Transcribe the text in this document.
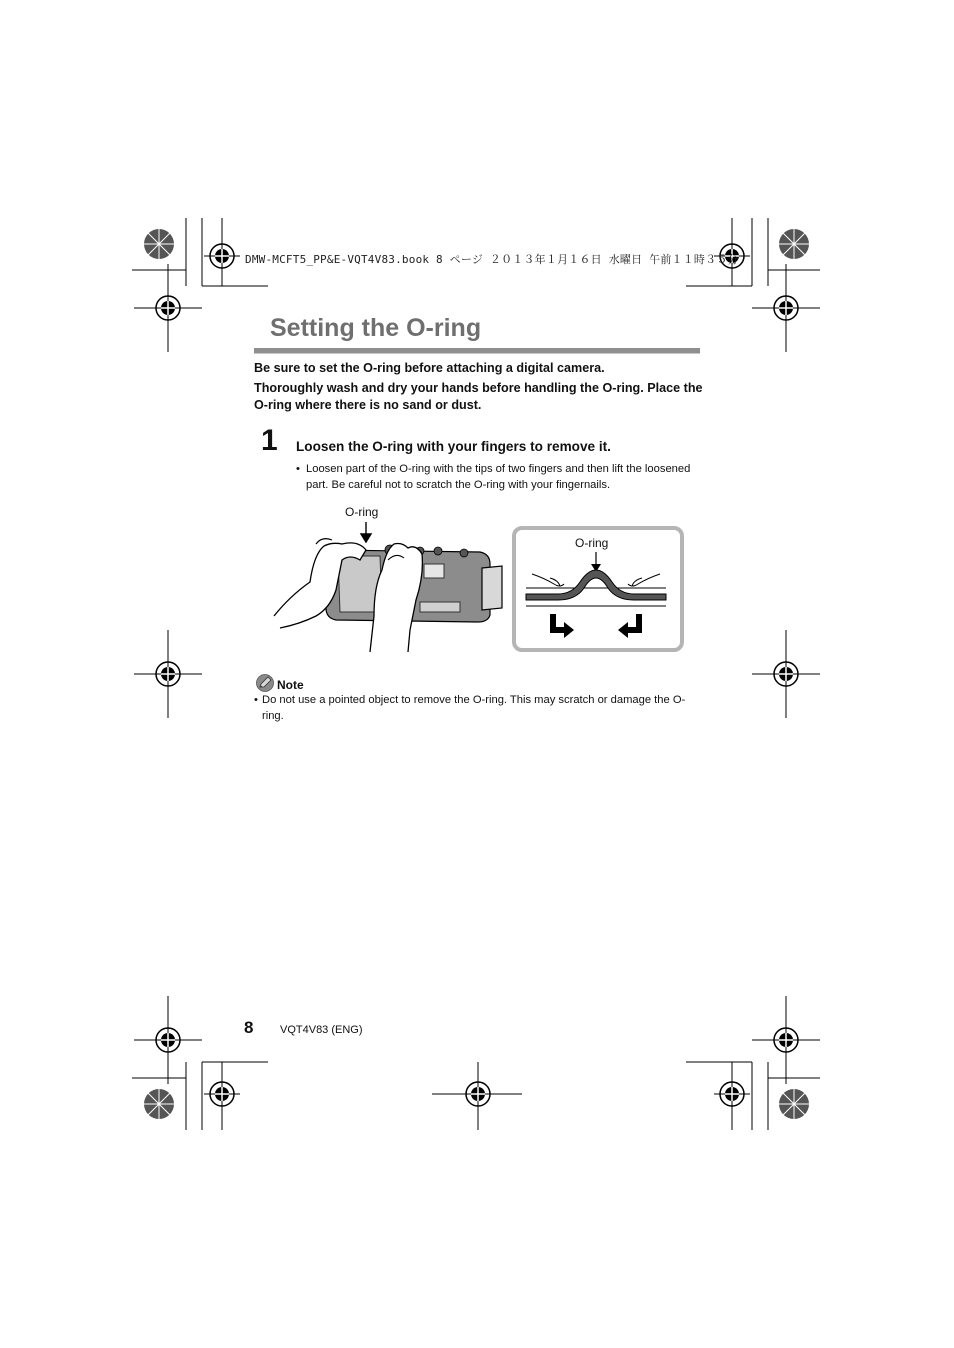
DMW-MCFT5_PP&E-VQT4V83.book 8 ページ ２０１３年１月１６日 水曜日 午前１１時３５分
Setting the O-ring

Be sure to set the O-ring before attaching a digital camera.

Thoroughly wash and dry your hands before handling the O-ring. Place the O-ring where there is no sand or dust.

1 Loosen the O-ring with your fingers to remove it.
• Loosen part of the O-ring with the tips of two fingers and then lift the loosened part. Be careful not to scratch the O-ring with your fingernails.
O-ring
O-ring
Note
• Do not use a pointed object to remove the O-ring. This may scratch or damage the O-ring.
8 VQT4V83 (ENG)
